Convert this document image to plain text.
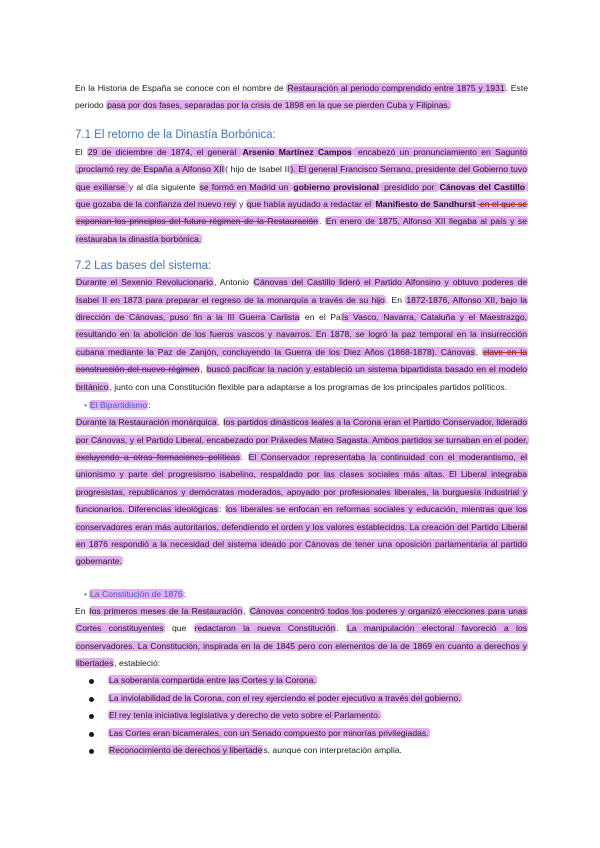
En la Historia de España se conoce con el nombre de Restauración al periodo comprendido entre 1875 y 1931. Este periodo pasa por dos fases, separadas por la crisis de 1898 en la que se pierden Cuba y Filipinas.

7.1 El retorno de la Dinastía Borbónica:

El 29 de diciembre de 1874, el general Arsenio Martínez Campos encabezó un pronunciamiento en Sagunto ,proclamó rey de España a Alfonso XII( hijo de Isabel II). El general Francisco Serrano, presidente del Gobierno tuvo que exiliarse y al día siguiente se formó en Madrid un gobierno provisional presidido por Cánovas del Castillo que gozaba de la confianza del nuevo rey y que había ayudado a redactar el Manifiesto de Sandhurst en el que se exponían los principios del futuro régimen de la Restauración. En enero de 1875, Alfonso XII llegaba al país y se restauraba la dinastía borbónica.

7.2 Las bases del sistema:

Durante el Sexenio Revolucionario, Antonio Cánovas del Castillo lideró el Partido Alfonsino y obtuvo poderes de Isabel II en 1873 para preparar el regreso de la monarquía a través de su hijo. En 1872-1876, Alfonso XII, bajo la dirección de Cánovas, puso fin a la III Guerra Carlista en el País Vasco, Navarra, Cataluña y el Maestrazgo, resultando en la abolición de los fueros vascos y navarros. En 1878, se logró la paz temporal en la insurrección cubana mediante la Paz de Zanjón, concluyendo la Guerra de los Diez Años (1868-1878). Cánovas, clave en la construcción del nuevo régimen, buscó pacificar la nación y estableció un sistema bipartidista basado en el modelo británico, junto con una Constitución flexible para adaptarse a los programas de los principales partidos políticos.

• El Bipartidismo:

Durante la Restauración monárquica, los partidos dinásticos leales a la Corona eran el Partido Conservador, liderado por Cánovas, y el Partido Liberal, encabezado por Práxedes Mateo Sagasta. Ambos partidos se turnaban en el poder, excluyendo a otras formaciones políticas. El Conservador representaba la continuidad con el moderantismo, el unionismo y parte del progresismo isabelino, respaldado por las clases sociales más altas. El Liberal integraba progresistas, republicanos y demócratas moderados, apoyado por profesionales liberales, la burguesía industrial y funcionarios. Diferencias ideológicas: los liberales se enfocan en reformas sociales y educación, mientras que los conservadores eran más autoritarios, defendiendo el orden y los valores establecidos. La creación del Partido Liberal en 1876 respondió a la necesidad del sistema ideado por Cánovas de tener una oposición parlamentaria al partido gobernante.

• La Constitución de 1876:

En los primeros meses de la Restauración, Cánovas concentró todos los poderes y organizó elecciones para unas Cortes constituyentes que redactaron la nueva Constitución. La manipulación electoral favoreció a los conservadores. La Constitución, inspirada en la de 1845 pero con elementos de la de 1869 en cuanto a derechos y libertades, estableció:

La soberanía compartida entre las Cortes y la Corona.
La inviolabilidad de la Corona, con el rey ejerciendo el poder ejecutivo a través del gobierno.
El rey tenía iniciativa legislativa y derecho de veto sobre el Parlamento.
Las Cortes eran bicamerales, con un Senado compuesto por minorías privilegiadas.
Reconocimiento de derechos y libertades, aunque con interpretación amplia.
